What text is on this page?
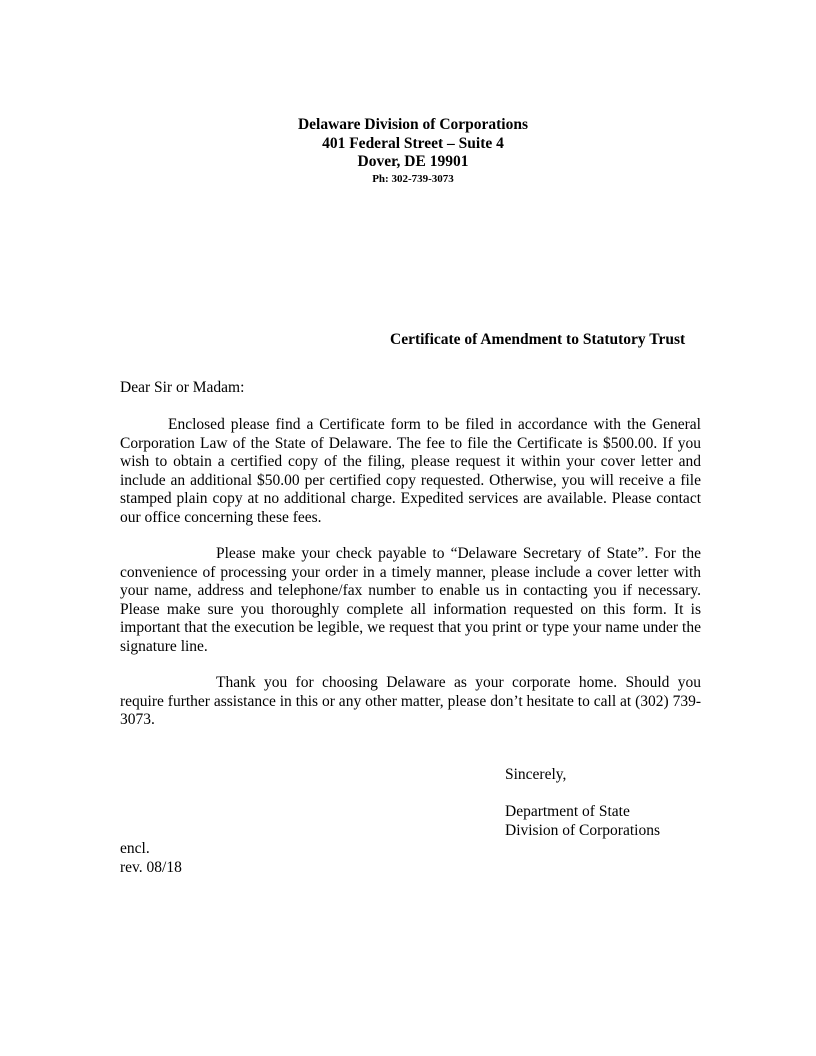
Delaware Division of Corporations
401 Federal Street – Suite 4
Dover, DE 19901
Ph: 302-739-3073
Certificate of Amendment to Statutory Trust
Dear Sir or Madam:
Enclosed please find a Certificate form to be filed in accordance with the General Corporation Law of the State of Delaware. The fee to file the Certificate is $500.00. If you wish to obtain a certified copy of the filing, please request it within your cover letter and include an additional $50.00 per certified copy requested. Otherwise, you will receive a file stamped plain copy at no additional charge. Expedited services are available. Please contact our office concerning these fees.
Please make your check payable to “Delaware Secretary of State”. For the convenience of processing your order in a timely manner, please include a cover letter with your name, address and telephone/fax number to enable us in contacting you if necessary. Please make sure you thoroughly complete all information requested on this form. It is important that the execution be legible, we request that you print or type your name under the signature line.
Thank you for choosing Delaware as your corporate home. Should you require further assistance in this or any other matter, please don’t hesitate to call at (302) 739-3073.
Sincerely,
Department of State
Division of Corporations
encl.
rev. 08/18
